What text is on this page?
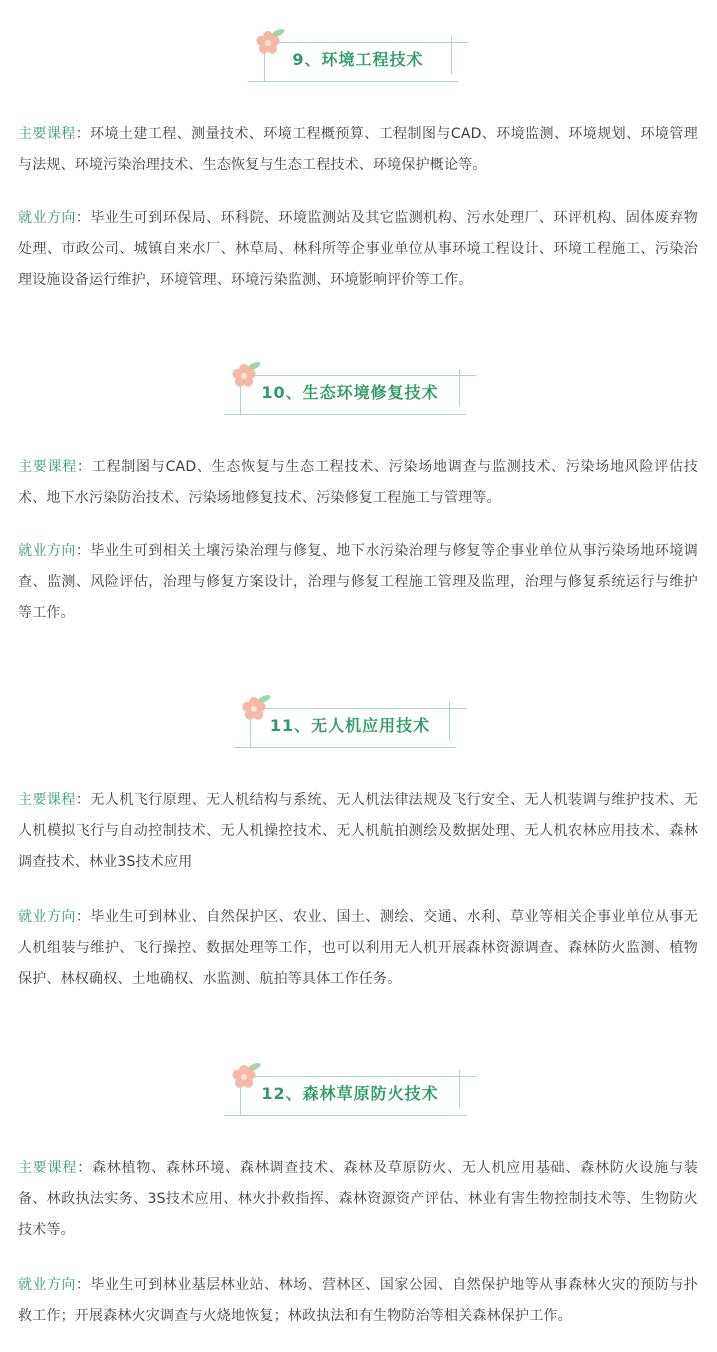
9、环境工程技术

主要课程：环境土建工程、测量技术、环境工程概预算、工程制图与CAD、环境监测、环境规划、环境管理与法规、环境污染治理技术、生态恢复与生态工程技术、环境保护概论等。

就业方向：毕业生可到环保局、环科院、环境监测站及其它监测机构、污水处理厂、环评机构、固体废弃物处理、市政公司、城镇自来水厂、林草局、林科所等企事业单位从事环境工程设计、环境工程施工、污染治理设施设备运行维护，环境管理、环境污染监测、环境影响评价等工作。

10、生态环境修复技术

主要课程：工程制图与CAD、生态恢复与生态工程技术、污染场地调查与监测技术、污染场地风险评估技术、地下水污染防治技术、污染场地修复技术、污染修复工程施工与管理等。

就业方向：毕业生可到相关土壤污染治理与修复、地下水污染治理与修复等企事业单位从事污染场地环境调查、监测、风险评估，治理与修复方案设计，治理与修复工程施工管理及监理，治理与修复系统运行与维护等工作。

11、无人机应用技术

主要课程：无人机飞行原理、无人机结构与系统、无人机法律法规及飞行安全、无人机装调与维护技术、无人机模拟飞行与自动控制技术、无人机操控技术、无人机航拍测绘及数据处理、无人机农林应用技术、森林调查技术、林业3S技术应用

就业方向：毕业生可到林业、自然保护区、农业、国土、测绘、交通、水利、草业等相关企事业单位从事无人机组装与维护、飞行操控、数据处理等工作，也可以利用无人机开展森林资源调查、森林防火监测、植物保护、林权确权、土地确权、水监测、航拍等具体工作任务。

12、森林草原防火技术

主要课程：森林植物、森林环境、森林调查技术、森林及草原防火、无人机应用基础、森林防火设施与装备、林政执法实务、3S技术应用、林火扑救指挥、森林资源资产评估、林业有害生物控制技术等、生物防火技术等。

就业方向：毕业生可到林业基层林业站、林场、营林区、国家公园、自然保护地等从事森林火灾的预防与扑救工作；开展森林火灾调查与火烧地恢复；林政执法和有生物防治等相关森林保护工作。
